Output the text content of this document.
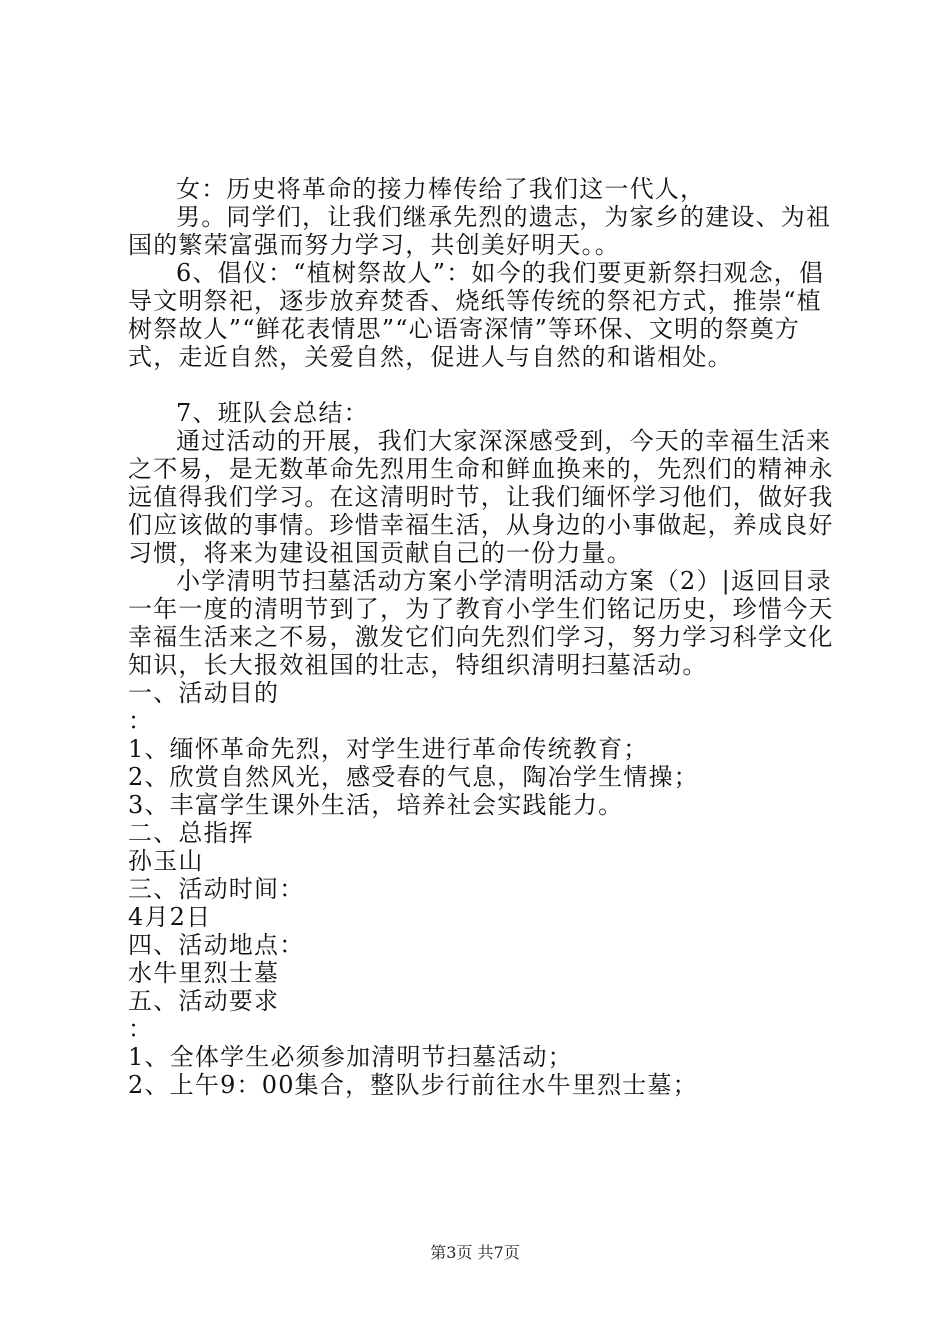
女：历史将革命的接力棒传给了我们这一代人，

男。同学们，让我们继承先烈的遗志，为家乡的建设、为祖国的繁荣富强而努力学习，共创美好明天。。

6、倡仪：“植树祭故人”：如今的我们要更新祭扫观念，倡导文明祭祀，逐步放弃焚香、烧纸等传统的祭祀方式，推崇“植树祭故人”“鲜花表情思”“心语寄深情”等环保、文明的祭奠方式，走近自然，关爱自然，促进人与自然的和谐相处。

7、班队会总结：

通过活动的开展，我们大家深深感受到，今天的幸福生活来之不易，是无数革命先烈用生命和鲜血换来的，先烈们的精神永远值得我们学习。在这清明时节，让我们缅怀学习他们，做好我们应该做的事情。珍惜幸福生活，从身边的小事做起，养成良好习惯，将来为建设祖国贡献自己的一份力量。

小学清明节扫墓活动方案小学清明活动方案（2）|返回目录一年一度的清明节到了，为了教育小学生们铭记历史，珍惜今天幸福生活来之不易，激发它们向先烈们学习，努力学习科学文化知识，长大报效祖国的壮志，特组织清明扫墓活动。

一、活动目的

：

1、缅怀革命先烈，对学生进行革命传统教育；

2、欣赏自然风光，感受春的气息，陶冶学生情操；

3、丰富学生课外生活，培养社会实践能力。

二、总指挥

孙玉山

三、活动时间：

4月2日

四、活动地点：

水牛里烈士墓

五、活动要求

：

1、全体学生必须参加清明节扫墓活动；

2、上午9：00集合，整队步行前往水牛里烈士墓；

第3页 共7页
